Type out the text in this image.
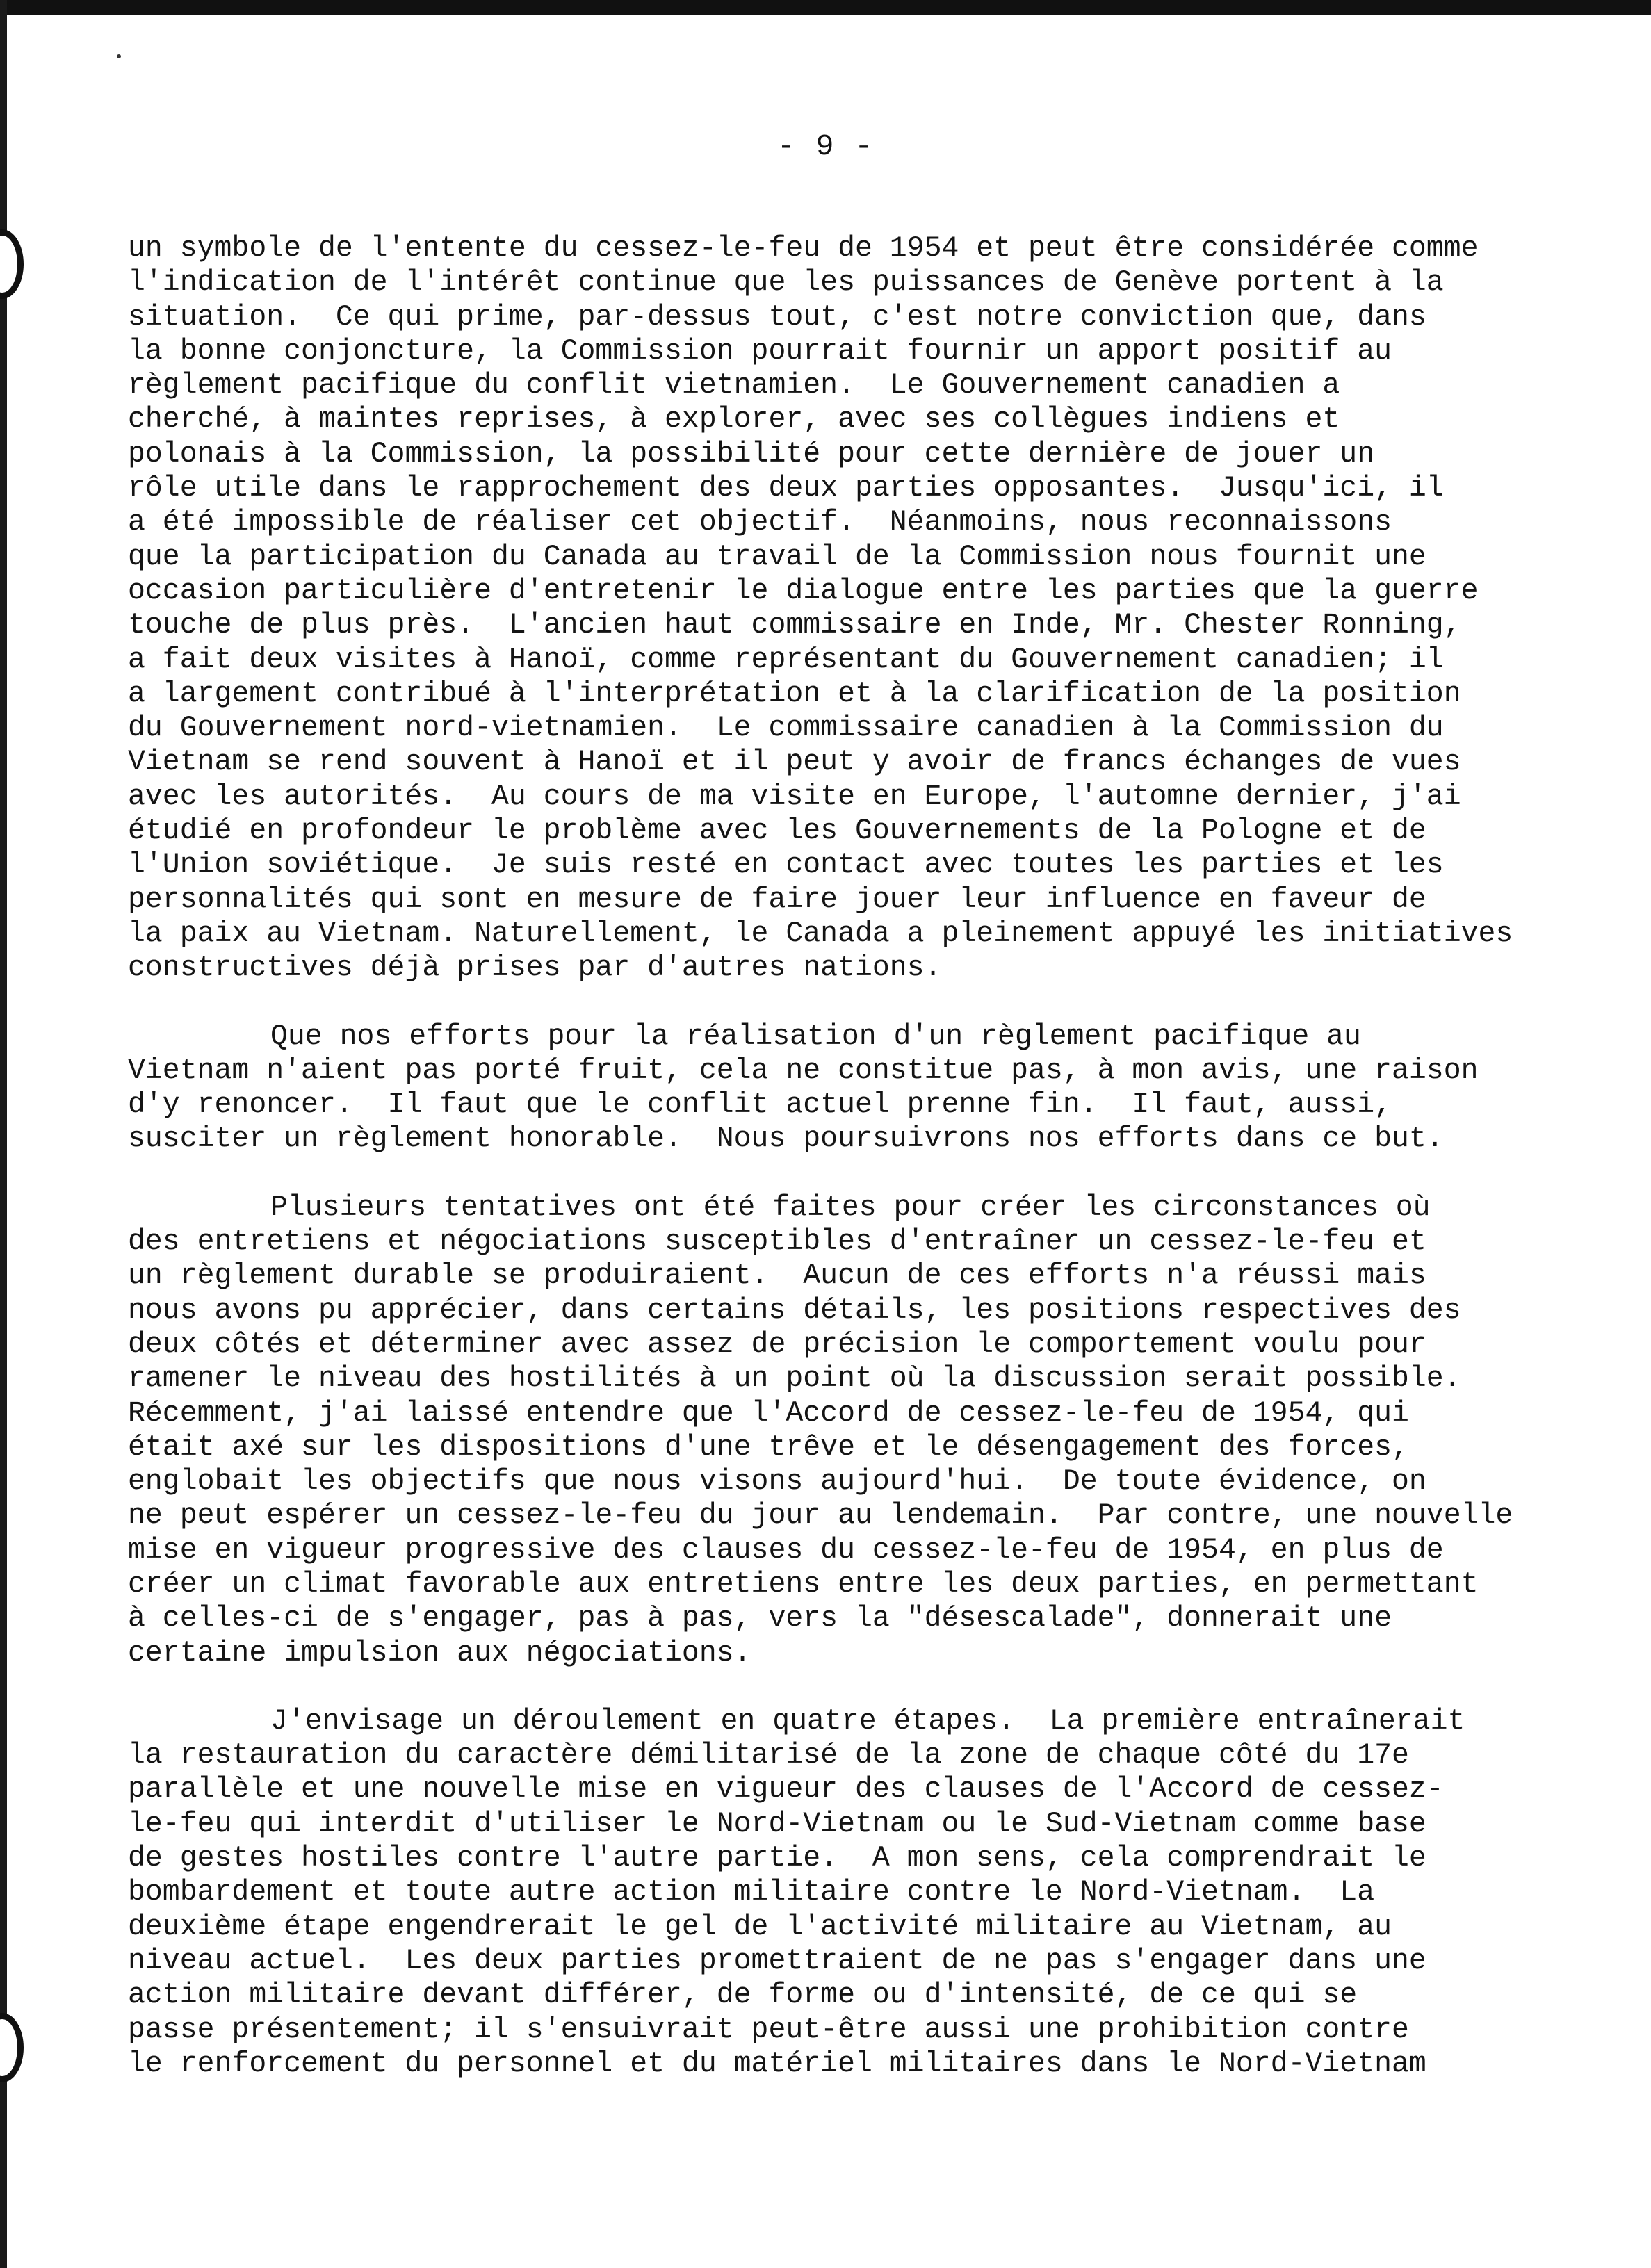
- 9 -

un symbole de l'entente du cessez-le-feu de 1954 et peut être considérée comme
l'indication de l'intérêt continue que les puissances de Genève portent à la
situation.  Ce qui prime, par-dessus tout, c'est notre conviction que, dans
la bonne conjoncture, la Commission pourrait fournir un apport positif au
règlement pacifique du conflit vietnamien.  Le Gouvernement canadien a
cherché, à maintes reprises, à explorer, avec ses collègues indiens et
polonais à la Commission, la possibilité pour cette dernière de jouer un
rôle utile dans le rapprochement des deux parties opposantes.  Jusqu'ici, il
a été impossible de réaliser cet objectif.  Néanmoins, nous reconnaissons
que la participation du Canada au travail de la Commission nous fournit une
occasion particulière d'entretenir le dialogue entre les parties que la guerre
touche de plus près.  L'ancien haut commissaire en Inde, Mr. Chester Ronning,
a fait deux visites à Hanoï, comme représentant du Gouvernement canadien; il
a largement contribué à l'interprétation et à la clarification de la position
du Gouvernement nord-vietnamien.  Le commissaire canadien à la Commission du
Vietnam se rend souvent à Hanoï et il peut y avoir de francs échanges de vues
avec les autorités.  Au cours de ma visite en Europe, l'automne dernier, j'ai
étudié en profondeur le problème avec les Gouvernements de la Pologne et de
l'Union soviétique.  Je suis resté en contact avec toutes les parties et les
personnalités qui sont en mesure de faire jouer leur influence en faveur de
la paix au Vietnam. Naturellement, le Canada a pleinement appuyé les initiatives
constructives déjà prises par d'autres nations.

Que nos efforts pour la réalisation d'un règlement pacifique au
Vietnam n'aient pas porté fruit, cela ne constitue pas, à mon avis, une raison
d'y renoncer.  Il faut que le conflit actuel prenne fin.  Il faut, aussi,
susciter un règlement honorable.  Nous poursuivrons nos efforts dans ce but.

Plusieurs tentatives ont été faites pour créer les circonstances où
des entretiens et négociations susceptibles d'entraîner un cessez-le-feu et
un règlement durable se produiraient.  Aucun de ces efforts n'a réussi mais
nous avons pu apprécier, dans certains détails, les positions respectives des
deux côtés et déterminer avec assez de précision le comportement voulu pour
ramener le niveau des hostilités à un point où la discussion serait possible.
Récemment, j'ai laissé entendre que l'Accord de cessez-le-feu de 1954, qui
était axé sur les dispositions d'une trêve et le désengagement des forces,
englobait les objectifs que nous visons aujourd'hui.  De toute évidence, on
ne peut espérer un cessez-le-feu du jour au lendemain.  Par contre, une nouvelle
mise en vigueur progressive des clauses du cessez-le-feu de 1954, en plus de
créer un climat favorable aux entretiens entre les deux parties, en permettant
à celles-ci de s'engager, pas à pas, vers la "désescalade", donnerait une
certaine impulsion aux négociations.

J'envisage un déroulement en quatre étapes.  La première entraînerait
la restauration du caractère démilitarisé de la zone de chaque côté du 17e
parallèle et une nouvelle mise en vigueur des clauses de l'Accord de cessez-
le-feu qui interdit d'utiliser le Nord-Vietnam ou le Sud-Vietnam comme base
de gestes hostiles contre l'autre partie.  A mon sens, cela comprendrait le
bombardement et toute autre action militaire contre le Nord-Vietnam.  La
deuxième étape engendrerait le gel de l'activité militaire au Vietnam, au
niveau actuel.  Les deux parties promettraient de ne pas s'engager dans une
action militaire devant différer, de forme ou d'intensité, de ce qui se
passe présentement; il s'ensuivrait peut-être aussi une prohibition contre
le renforcement du personnel et du matériel militaires dans le Nord-Vietnam
